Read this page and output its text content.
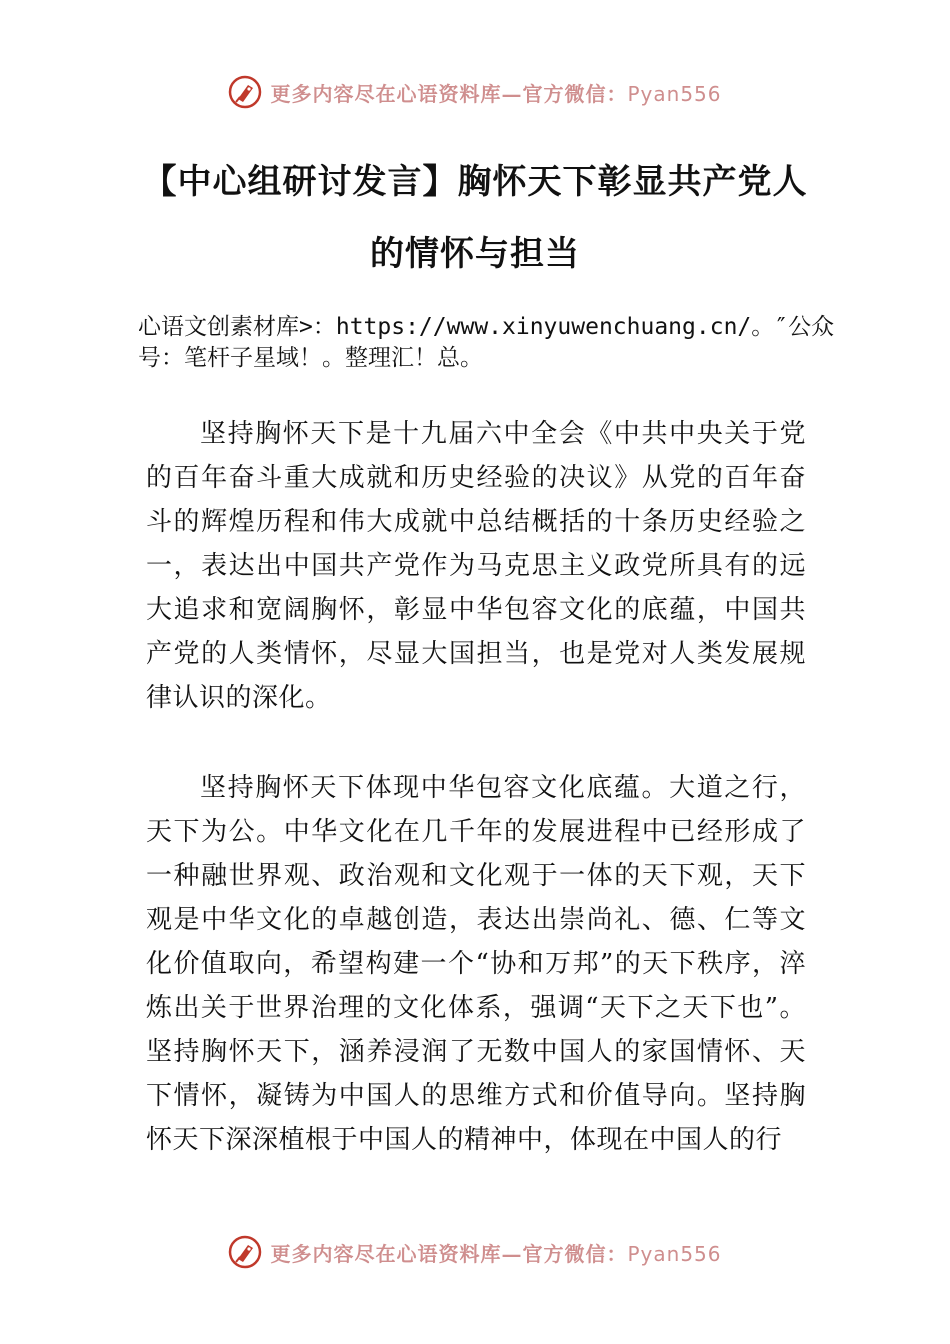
更多内容尽在心语资料库—官方微信：Pyan556
【中心组研讨发言】胸怀天下彰显共产党人
的情怀与担当
心语文创素材库>：https://www.xinyuwenchuang.cn/。″公众号：笔杆子星域！。整理汇！总。

坚持胸怀天下是十九届六中全会《中共中央关于党的百年奋斗重大成就和历史经验的决议》从党的百年奋斗的辉煌历程和伟大成就中总结概括的十条历史经验之一，表达出中国共产党作为马克思主义政党所具有的远大追求和宽阔胸怀，彰显中华包容文化的底蕴，中国共产党的人类情怀，尽显大国担当，也是党对人类发展规律认识的深化。

坚持胸怀天下体现中华包容文化底蕴。大道之行，天下为公。中华文化在几千年的发展进程中已经形成了一种融世界观、政治观和文化观于一体的天下观，天下观是中华文化的卓越创造，表达出崇尚礼、德、仁等文化价值取向，希望构建一个“协和万邦”的天下秩序，淬炼出关于世界治理的文化体系，强调“天下之天下也”。坚持胸怀天下，涵养浸润了无数中国人的家国情怀、天下情怀，凝铸为中国人的思维方式和价值导向。坚持胸怀天下深深植根于中国人的精神中，体现在中国人的行

更多内容尽在心语资料库—官方微信：Pyan556
